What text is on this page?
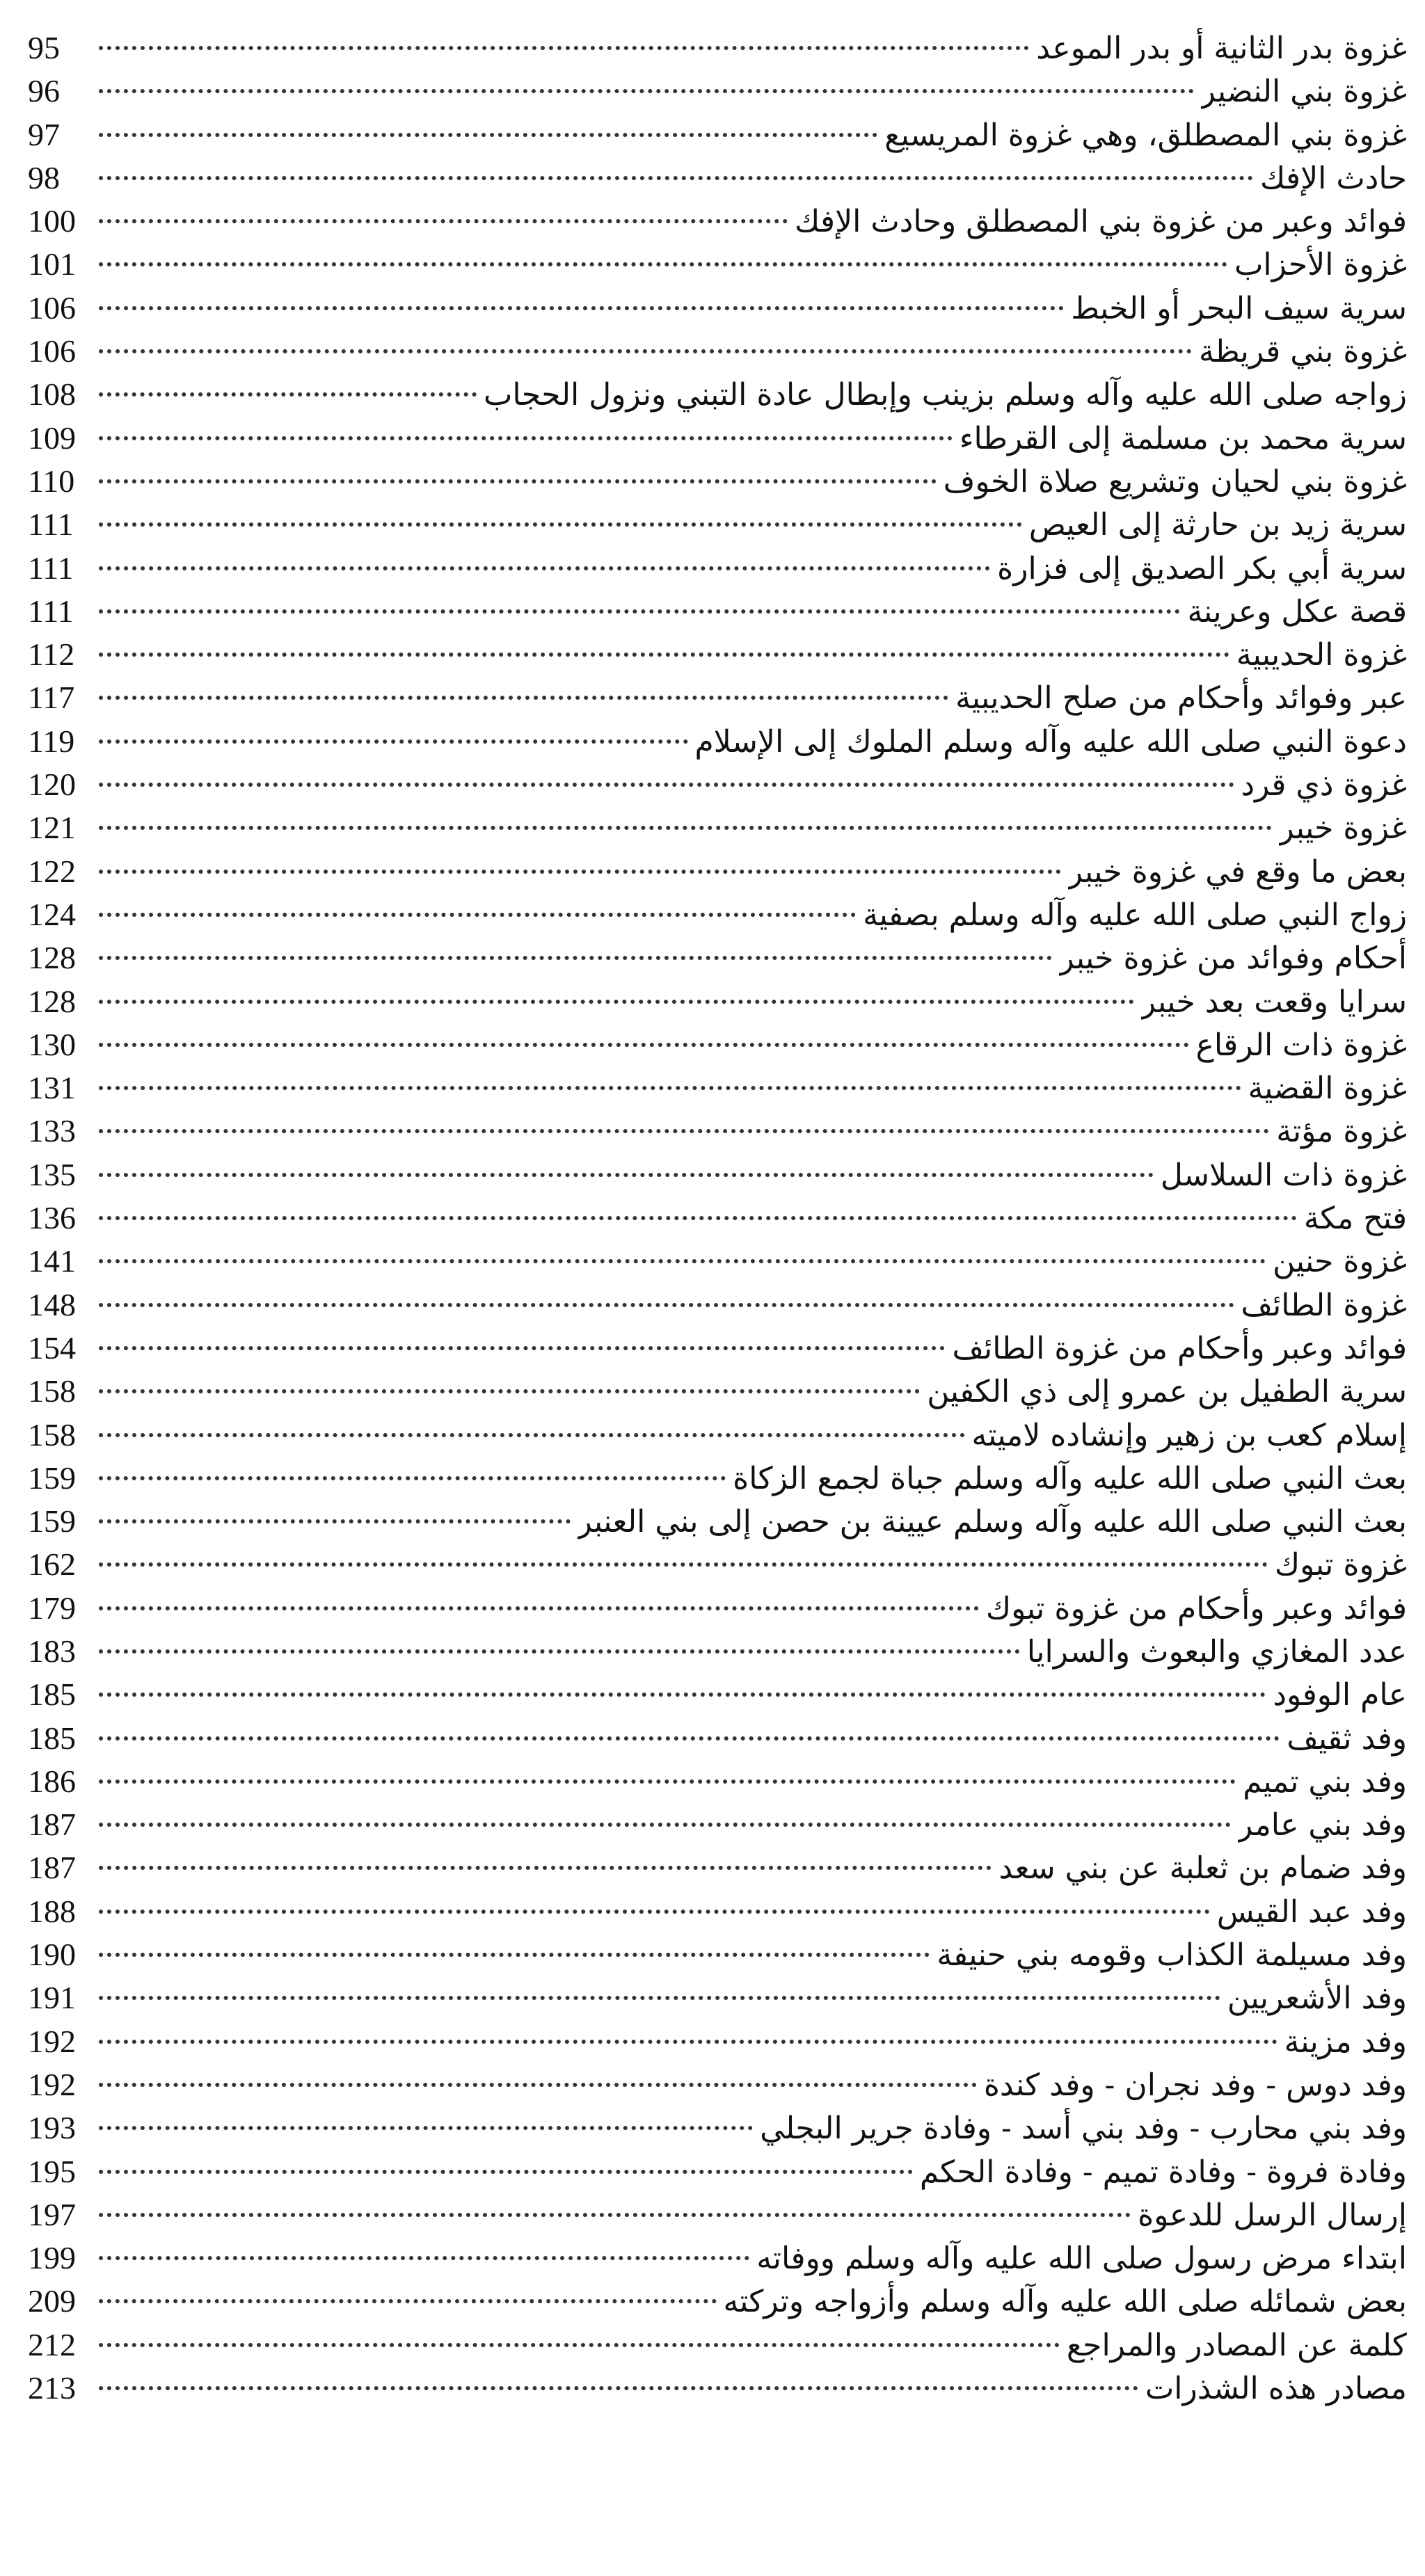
غزوة بدر الثانية أو بدر الموعد
95
غزوة بني النضير
96
غزوة بني المصطلق، وهي غزوة المريسيع
97
حادث الإفك
98
فوائد وعبر من غزوة بني المصطلق وحادث الإفك
100
غزوة الأحزاب
101
سرية سيف البحر أو الخبط
106
غزوة بني قريظة
106
زواجه صلى الله عليه وآله وسلم بزينب وإبطال عادة التبني ونزول الحجاب
108
سرية محمد بن مسلمة إلى القرطاء
109
غزوة بني لحيان وتشريع صلاة الخوف
110
سرية زيد بن حارثة إلى العيص
111
سرية أبي بكر الصديق إلى فزارة
111
قصة عكل وعرينة
111
غزوة الحديبية
112
عبر وفوائد وأحكام من صلح الحديبية
117
دعوة النبي صلى الله عليه وآله وسلم الملوك إلى الإسلام
119
غزوة ذي قرد
120
غزوة خيبر
121
بعض ما وقع في غزوة خيبر
122
زواج النبي صلى الله عليه وآله وسلم بصفية
124
أحكام وفوائد من غزوة خيبر
128
سرايا وقعت بعد خيبر
128
غزوة ذات الرقاع
130
غزوة القضية
131
غزوة مؤتة
133
غزوة ذات السلاسل
135
فتح مكة
136
غزوة حنين
141
غزوة الطائف
148
فوائد وعبر وأحكام من غزوة الطائف
154
سرية الطفيل بن عمرو إلى ذي الكفين
158
إسلام كعب بن زهير وإنشاده لاميته
158
بعث النبي صلى الله عليه وآله وسلم جباة لجمع الزكاة
159
بعث النبي صلى الله عليه وآله وسلم عيينة بن حصن إلى بني العنبر
159
غزوة تبوك
162
فوائد وعبر وأحكام من غزوة تبوك
179
عدد المغازي والبعوث والسرايا
183
عام الوفود
185
وفد ثقيف
185
وفد بني تميم
186
وفد بني عامر
187
وفد ضمام بن ثعلبة عن بني سعد
187
وفد عبد القيس
188
وفد مسيلمة الكذاب وقومه بني حنيفة
190
وفد الأشعريين
191
وفد مزينة
192
وفد دوس - وفد نجران - وفد كندة
192
وفد بني محارب - وفد بني أسد - وفادة جرير البجلي
193
وفادة فروة - وفادة تميم - وفادة الحكم
195
إرسال الرسل للدعوة
197
ابتداء مرض رسول صلى الله عليه وآله وسلم ووفاته
199
بعض شمائله صلى الله عليه وآله وسلم وأزواجه وتركته
209
كلمة عن المصادر والمراجع
212
مصادر هذه الشذرات
213
